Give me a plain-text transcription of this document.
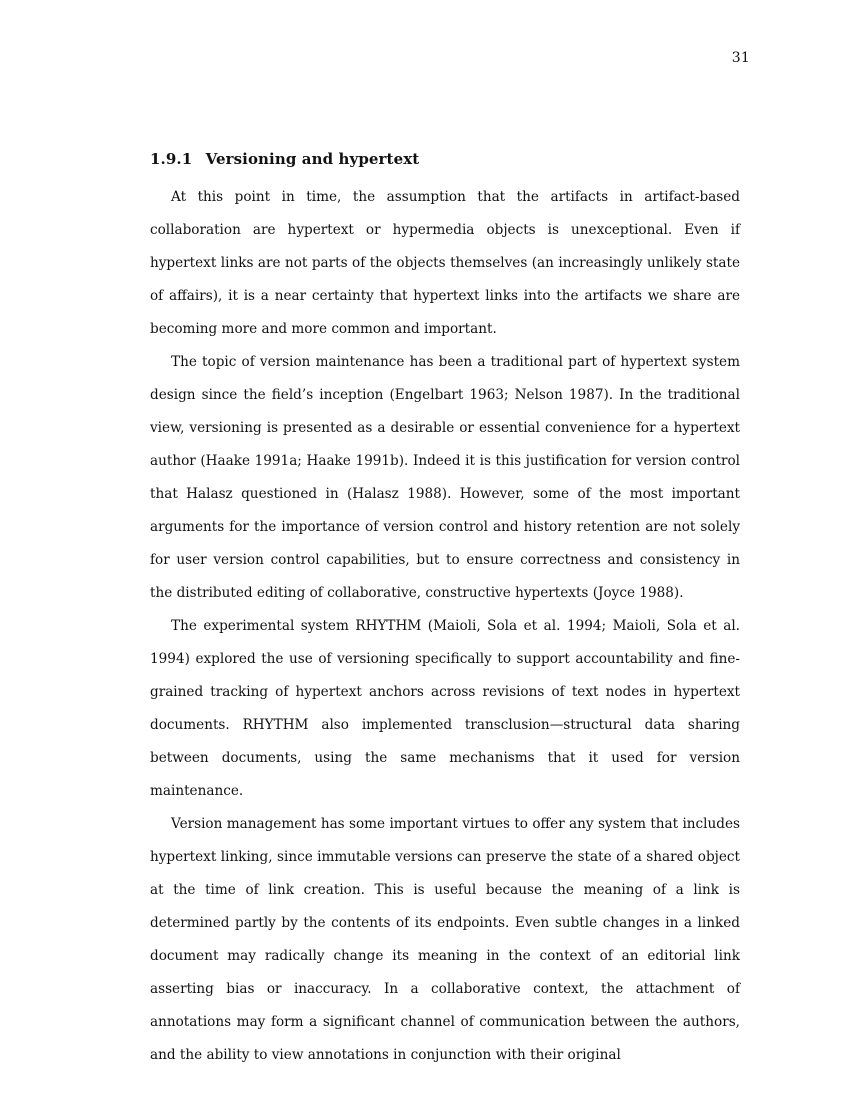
31
1.9.1 Versioning and hypertext

At this point in time, the assumption that the artifacts in artifact-based collaboration are hypertext or hypermedia objects is unexceptional. Even if hypertext links are not parts of the objects themselves (an increasingly unlikely state of affairs), it is a near certainty that hypertext links into the artifacts we share are becoming more and more common and important.

The topic of version maintenance has been a traditional part of hypertext system design since the field’s inception (Engelbart 1963; Nelson 1987). In the traditional view, versioning is presented as a desirable or essential convenience for a hypertext author (Haake 1991a; Haake 1991b). Indeed it is this justification for version control that Halasz questioned in (Halasz 1988). However, some of the most important arguments for the importance of version control and history retention are not solely for user version control capabilities, but to ensure correctness and consistency in the distributed editing of collaborative, constructive hypertexts (Joyce 1988).

The experimental system RHYTHM (Maioli, Sola et al. 1994; Maioli, Sola et al. 1994) explored the use of versioning specifically to support accountability and fine-grained tracking of hypertext anchors across revisions of text nodes in hypertext documents. RHYTHM also implemented transclusion—structural data sharing between documents, using the same mechanisms that it used for version maintenance.

Version management has some important virtues to offer any system that includes hypertext linking, since immutable versions can preserve the state of a shared object at the time of link creation. This is useful because the meaning of a link is determined partly by the contents of its endpoints. Even subtle changes in a linked document may radically change its meaning in the context of an editorial link asserting bias or inaccuracy. In a collaborative context, the attachment of annotations may form a significant channel of communication between the authors, and the ability to view annotations in conjunction with their original
